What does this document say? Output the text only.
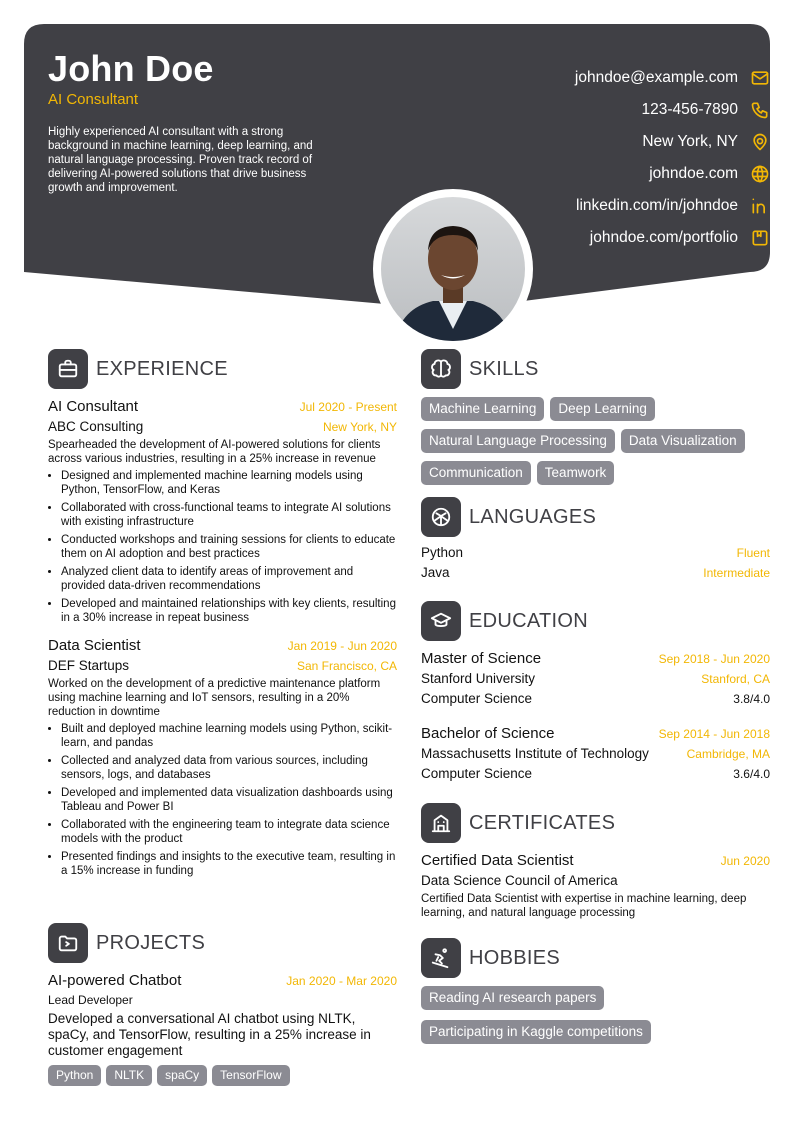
John Doe
AI Consultant
Highly experienced AI consultant with a strong background in machine learning, deep learning, and natural language processing. Proven track record of delivering AI-powered solutions that drive business growth and improvement.
johndoe@example.com
123-456-7890
New York, NY
johndoe.com
linkedin.com/in/johndoe
johndoe.com/portfolio
EXPERIENCE
AI Consultant	Jul 2020 - Present
ABC Consulting	New York, NY
Spearheaded the development of AI-powered solutions for clients across various industries, resulting in a 25% increase in revenue
• Designed and implemented machine learning models using Python, TensorFlow, and Keras
• Collaborated with cross-functional teams to integrate AI solutions with existing infrastructure
• Conducted workshops and training sessions for clients to educate them on AI adoption and best practices
• Analyzed client data to identify areas of improvement and provided data-driven recommendations
• Developed and maintained relationships with key clients, resulting in a 30% increase in repeat business
Data Scientist	Jan 2019 - Jun 2020
DEF Startups	San Francisco, CA
Worked on the development of a predictive maintenance platform using machine learning and IoT sensors, resulting in a 20% reduction in downtime
• Built and deployed machine learning models using Python, scikit-learn, and pandas
• Collected and analyzed data from various sources, including sensors, logs, and databases
• Developed and implemented data visualization dashboards using Tableau and Power BI
• Collaborated with the engineering team to integrate data science models with the product
• Presented findings and insights to the executive team, resulting in a 15% increase in funding
PROJECTS
AI-powered Chatbot	Jan 2020 - Mar 2020
Lead Developer
Developed a conversational AI chatbot using NLTK, spaCy, and TensorFlow, resulting in a 25% increase in customer engagement
Python NLTK spaCy TensorFlow
SKILLS
Machine Learning Deep LearningNatural Language Processing Data VisualizationCommunication Teamwork
LANGUAGES
Python	Fluent
Java	Intermediate
EDUCATION
Master of Science	Sep 2018 - Jun 2020
Stanford University	Stanford, CA
Computer Science	3.8/4.0
Bachelor of Science	Sep 2014 - Jun 2018
Massachusetts Institute of Technology	Cambridge, MA
Computer Science	3.6/4.0
CERTIFICATES
Certified Data Scientist	Jun 2020
Data Science Council of America
Certified Data Scientist with expertise in machine learning, deep learning, and natural language processing
HOBBIES
Reading AI research papers
Participating in Kaggle competitions
